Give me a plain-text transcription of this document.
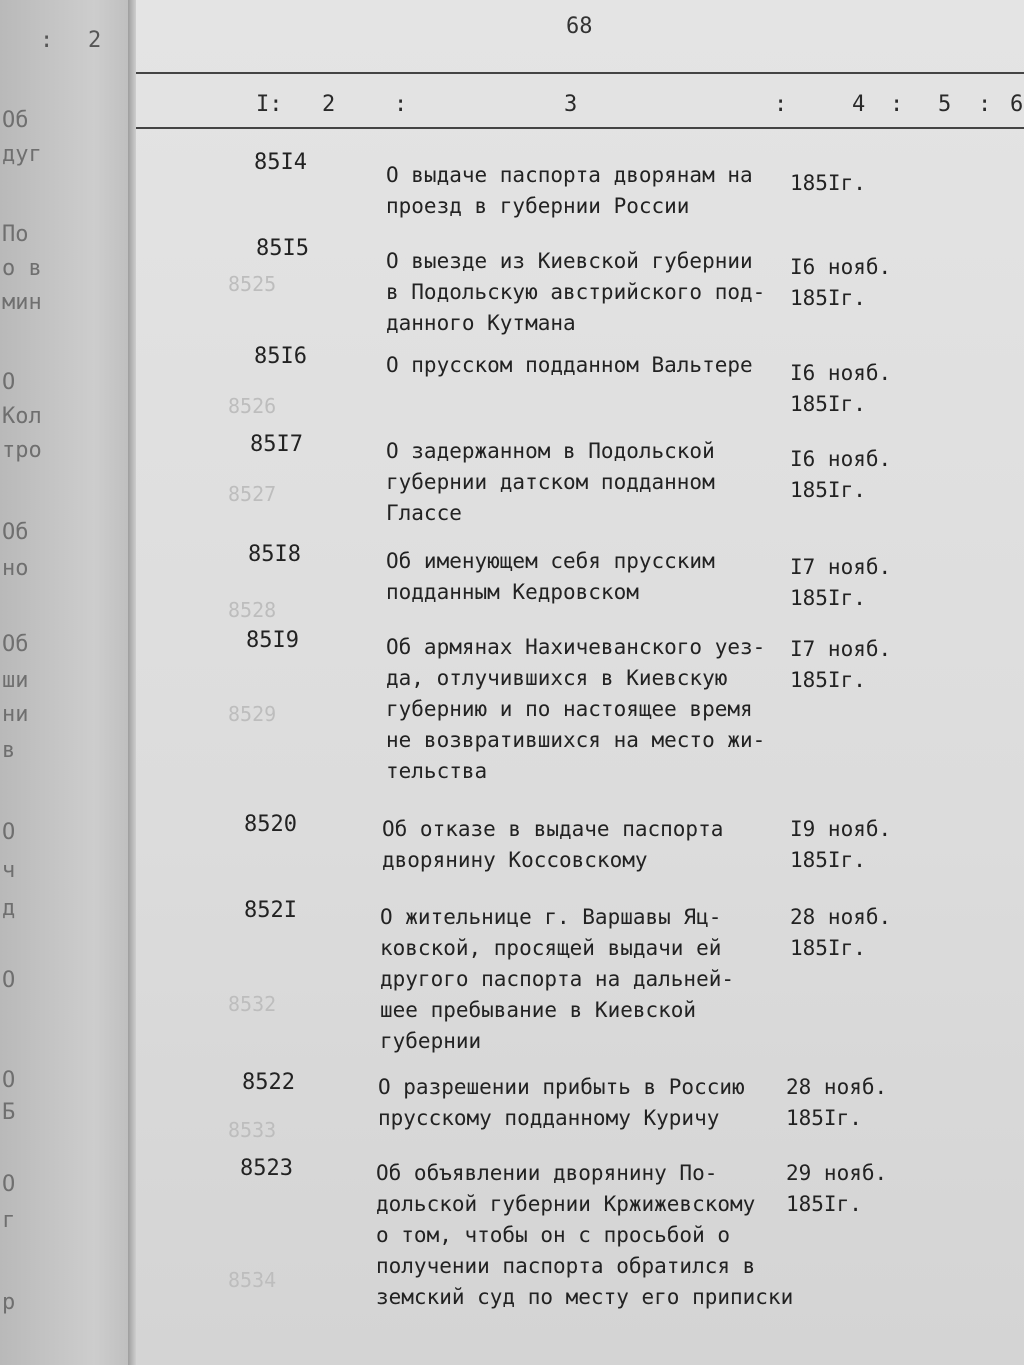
: 2
Об
дуг
По
о в
мин
О
Кол
тро
Об
но
Об
ши
ни
в
О
ч
д
О
О
Б
О
г
р
68
I: 2	:	3	:	4 : 5 : 6
8525
8526
8527
8528
8529
8532
8533
8534
85I4	О выдаче паспорта дворянам на
проезд в губернии России
185Iг.
85I5	О выезде из Киевской губернии
в Подольскую австрийского под-
данного Кутмана
I6 нояб.
185Iг.
85I6	О прусском подданном Вальтере	I6 нояб.
185Iг.
85I7	О задержанном в Подольской
губернии датском подданном
Глассе
I6 нояб.
185Iг.
85I8	Об именующем себя прусским
подданным Кедровском
I7 нояб.
185Iг.
85I9	Об армянах Нахичеванского уез-
да, отлучившихся в Киевскую
губернию и по настоящее время
не возвратившихся на место жи-
тельства
I7 нояб.
185Iг.
8520	Об отказе в выдаче паспорта
дворянину Коссовскому
I9 нояб.
185Iг.
852I	О жительнице г. Варшавы Яц-
ковской, просящей выдачи ей
другого паспорта на дальней-
шее пребывание в Киевской
губернии
28 нояб.
185Iг.
8522	О разрешении прибыть в Россию
прусскому подданному Куричу
28 нояб.
185Iг.
8523	Об объявлении дворянину По-
дольской губернии Кржижевскому
о том, чтобы он с просьбой о
получении паспорта обратился в
земский суд по месту его приписки
29 нояб.
185Iг.
